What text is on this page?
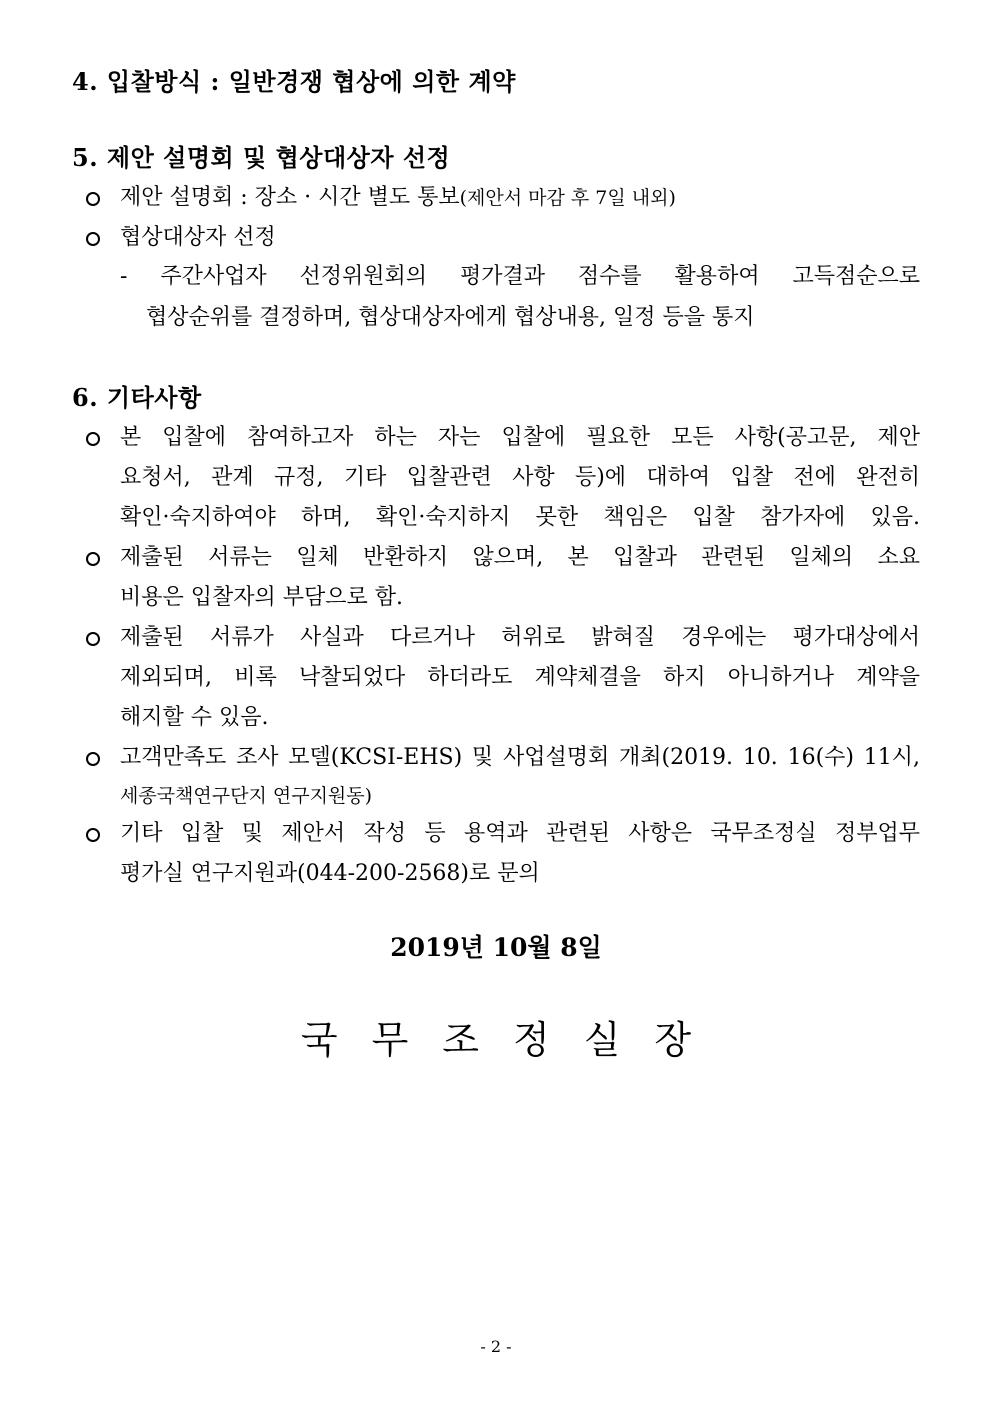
4. 입찰방식 : 일반경쟁 협상에 의한 계약
5. 제안 설명회 및 협상대상자 선정
제안 설명회 : 장소 · 시간 별도 통보(제안서 마감 후 7일 내외)
협상대상자 선정
- 주간사업자 선정위원회의 평가결과 점수를 활용하여 고득점순으로
협상순위를 결정하며, 협상대상자에게 협상내용, 일정 등을 통지
6. 기타사항
본 입찰에 참여하고자 하는 자는 입찰에 필요한 모든 사항(공고문, 제안
요청서, 관계 규정, 기타 입찰관련 사항 등)에 대하여 입찰 전에 완전히
확인·숙지하여야 하며, 확인·숙지하지 못한 책임은 입찰 참가자에 있음.
제출된 서류는 일체 반환하지 않으며, 본 입찰과 관련된 일체의 소요
비용은 입찰자의 부담으로 함.
제출된 서류가 사실과 다르거나 허위로 밝혀질 경우에는 평가대상에서
제외되며, 비록 낙찰되었다 하더라도 계약체결을 하지 아니하거나 계약을
해지할 수 있음.
고객만족도 조사 모델(KCSI-EHS) 및 사업설명회 개최(2019. 10. 16(수) 11시,
세종국책연구단지 연구지원동)
기타 입찰 및 제안서 작성 등 용역과 관련된 사항은 국무조정실 정부업무
평가실 연구지원과(044-200-2568)로 문의
2019년 10월 8일
국무조정실장
- 2 -
